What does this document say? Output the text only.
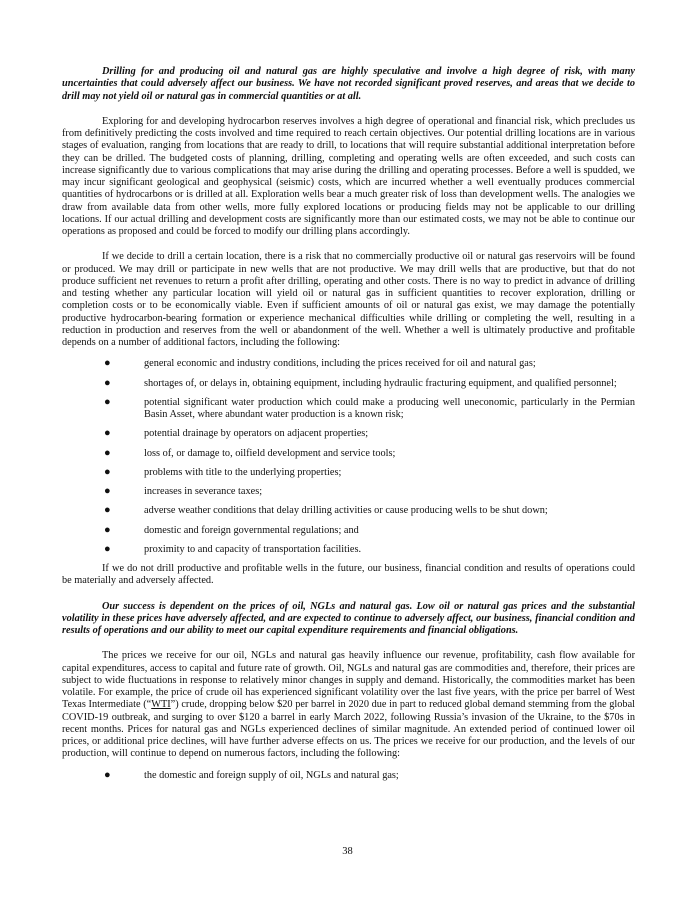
Drilling for and producing oil and natural gas are highly speculative and involve a high degree of risk, with many uncertainties that could adversely affect our business. We have not recorded significant proved reserves, and areas that we decide to drill may not yield oil or natural gas in commercial quantities or at all.

Exploring for and developing hydrocarbon reserves involves a high degree of operational and financial risk, which precludes us from definitively predicting the costs involved and time required to reach certain objectives. Our potential drilling locations are in various stages of evaluation, ranging from locations that are ready to drill, to locations that will require substantial additional interpretation before they can be drilled. The budgeted costs of planning, drilling, completing and operating wells are often exceeded, and such costs can increase significantly due to various complications that may arise during the drilling and operating processes. Before a well is spudded, we may incur significant geological and geophysical (seismic) costs, which are incurred whether a well eventually produces commercial quantities of hydrocarbons or is drilled at all. Exploration wells bear a much greater risk of loss than development wells. The analogies we draw from available data from other wells, more fully explored locations or producing fields may not be applicable to our drilling locations. If our actual drilling and development costs are significantly more than our estimated costs, we may not be able to continue our operations as proposed and could be forced to modify our drilling plans accordingly.

If we decide to drill a certain location, there is a risk that no commercially productive oil or natural gas reservoirs will be found or produced. We may drill or participate in new wells that are not productive. We may drill wells that are productive, but that do not produce sufficient net revenues to return a profit after drilling, operating and other costs. There is no way to predict in advance of drilling and testing whether any particular location will yield oil or natural gas in sufficient quantities to recover exploration, drilling or completion costs or to be economically viable. Even if sufficient amounts of oil or natural gas exist, we may damage the potentially productive hydrocarbon-bearing formation or experience mechanical difficulties while drilling or completing the well, resulting in a reduction in production and reserves from the well or abandonment of the well. Whether a well is ultimately productive and profitable depends on a number of additional factors, including the following:

●	general economic and industry conditions, including the prices received for oil and natural gas;
●	shortages of, or delays in, obtaining equipment, including hydraulic fracturing equipment, and qualified personnel;
●	potential significant water production which could make a producing well uneconomic, particularly in the Permian Basin Asset, where abundant water production is a known risk;
●	potential drainage by operators on adjacent properties;
●	loss of, or damage to, oilfield development and service tools;
●	problems with title to the underlying properties;
●	increases in severance taxes;
●	adverse weather conditions that delay drilling activities or cause producing wells to be shut down;
●	domestic and foreign governmental regulations; and
●	proximity to and capacity of transportation facilities.

If we do not drill productive and profitable wells in the future, our business, financial condition and results of operations could be materially and adversely affected.

Our success is dependent on the prices of oil, NGLs and natural gas. Low oil or natural gas prices and the substantial volatility in these prices have adversely affected, and are expected to continue to adversely affect, our business, financial condition and results of operations and our ability to meet our capital expenditure requirements and financial obligations.

The prices we receive for our oil, NGLs and natural gas heavily influence our revenue, profitability, cash flow available for capital expenditures, access to capital and future rate of growth. Oil, NGLs and natural gas are commodities and, therefore, their prices are subject to wide fluctuations in response to relatively minor changes in supply and demand. Historically, the commodities market has been volatile. For example, the price of crude oil has experienced significant volatility over the last five years, with the price per barrel of West Texas Intermediate (“WTI”) crude, dropping below $20 per barrel in 2020 due in part to reduced global demand stemming from the global COVID-19 outbreak, and surging to over $120 a barrel in early March 2022, following Russia’s invasion of the Ukraine, to the $70s in recent months. Prices for natural gas and NGLs experienced declines of similar magnitude. An extended period of continued lower oil prices, or additional price declines, will have further adverse effects on us. The prices we receive for our production, and the levels of our production, will continue to depend on numerous factors, including the following:

●	the domestic and foreign supply of oil, NGLs and natural gas;
38
